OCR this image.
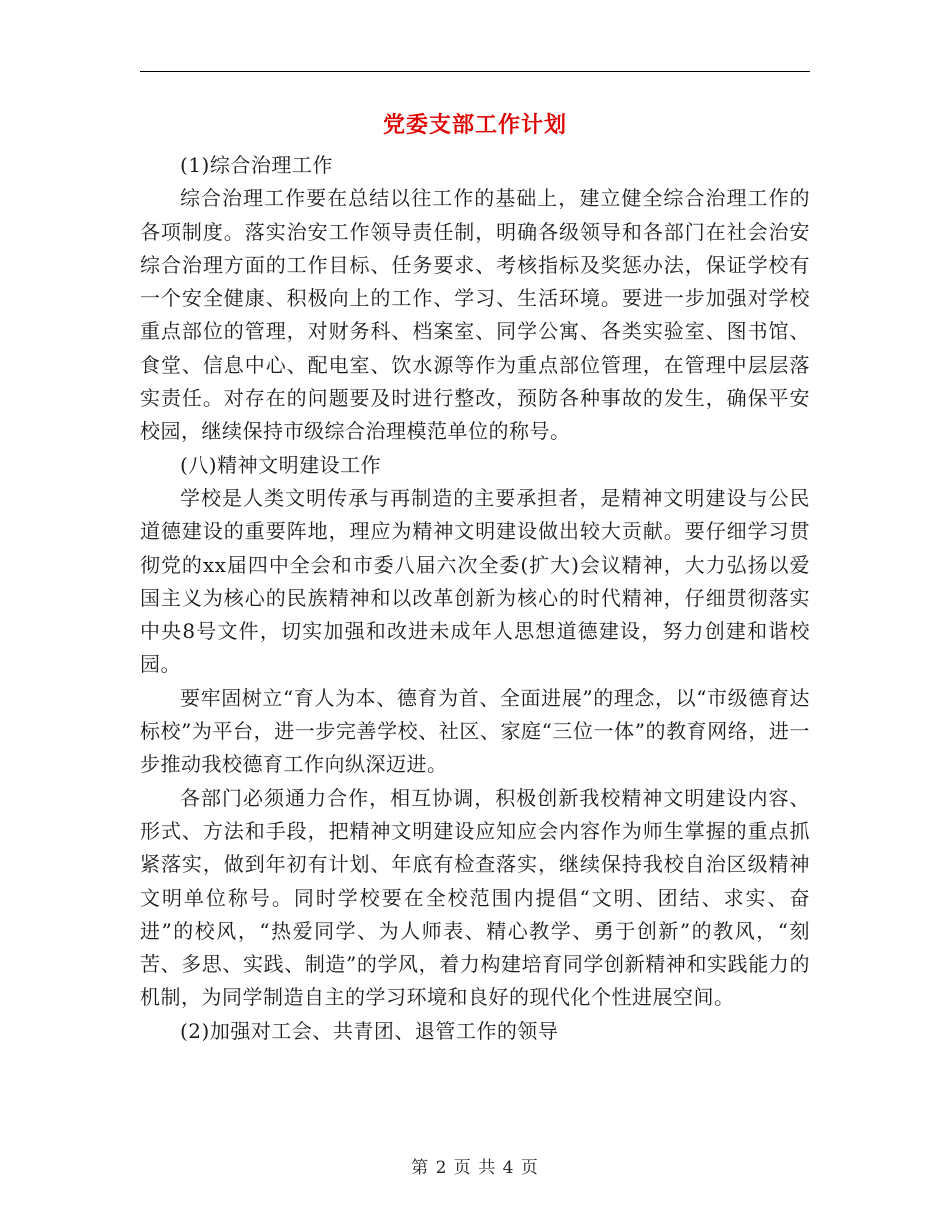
党委支部工作计划

(1)综合治理工作

综合治理工作要在总结以往工作的基础上，建立健全综合治理工作的各项制度。落实治安工作领导责任制，明确各级领导和各部门在社会治安综合治理方面的工作目标、任务要求、考核指标及奖惩办法，保证学校有一个安全健康、积极向上的工作、学习、生活环境。要进一步加强对学校重点部位的管理，对财务科、档案室、同学公寓、各类实验室、图书馆、食堂、信息中心、配电室、饮水源等作为重点部位管理，在管理中层层落实责任。对存在的问题要及时进行整改，预防各种事故的发生，确保平安校园，继续保持市级综合治理模范单位的称号。

(八)精神文明建设工作

学校是人类文明传承与再制造的主要承担者，是精神文明建设与公民道德建设的重要阵地，理应为精神文明建设做出较大贡献。要仔细学习贯彻党的xx届四中全会和市委八届六次全委(扩大)会议精神，大力弘扬以爱国主义为核心的民族精神和以改革创新为核心的时代精神，仔细贯彻落实中央8号文件，切实加强和改进未成年人思想道德建设，努力创建和谐校园。

要牢固树立“育人为本、德育为首、全面进展”的理念，以“市级德育达标校”为平台，进一步完善学校、社区、家庭“三位一体”的教育网络，进一步推动我校德育工作向纵深迈进。

各部门必须通力合作，相互协调，积极创新我校精神文明建设内容、形式、方法和手段，把精神文明建设应知应会内容作为师生掌握的重点抓紧落实，做到年初有计划、年底有检查落实，继续保持我校自治区级精神文明单位称号。同时学校要在全校范围内提倡“文明、团结、求实、奋进”的校风，“热爱同学、为人师表、精心教学、勇于创新”的教风，“刻苦、多思、实践、制造”的学风，着力构建培育同学创新精神和实践能力的机制，为同学制造自主的学习环境和良好的现代化个性进展空间。

(2)加强对工会、共青团、退管工作的领导

第 2 页 共 4 页
